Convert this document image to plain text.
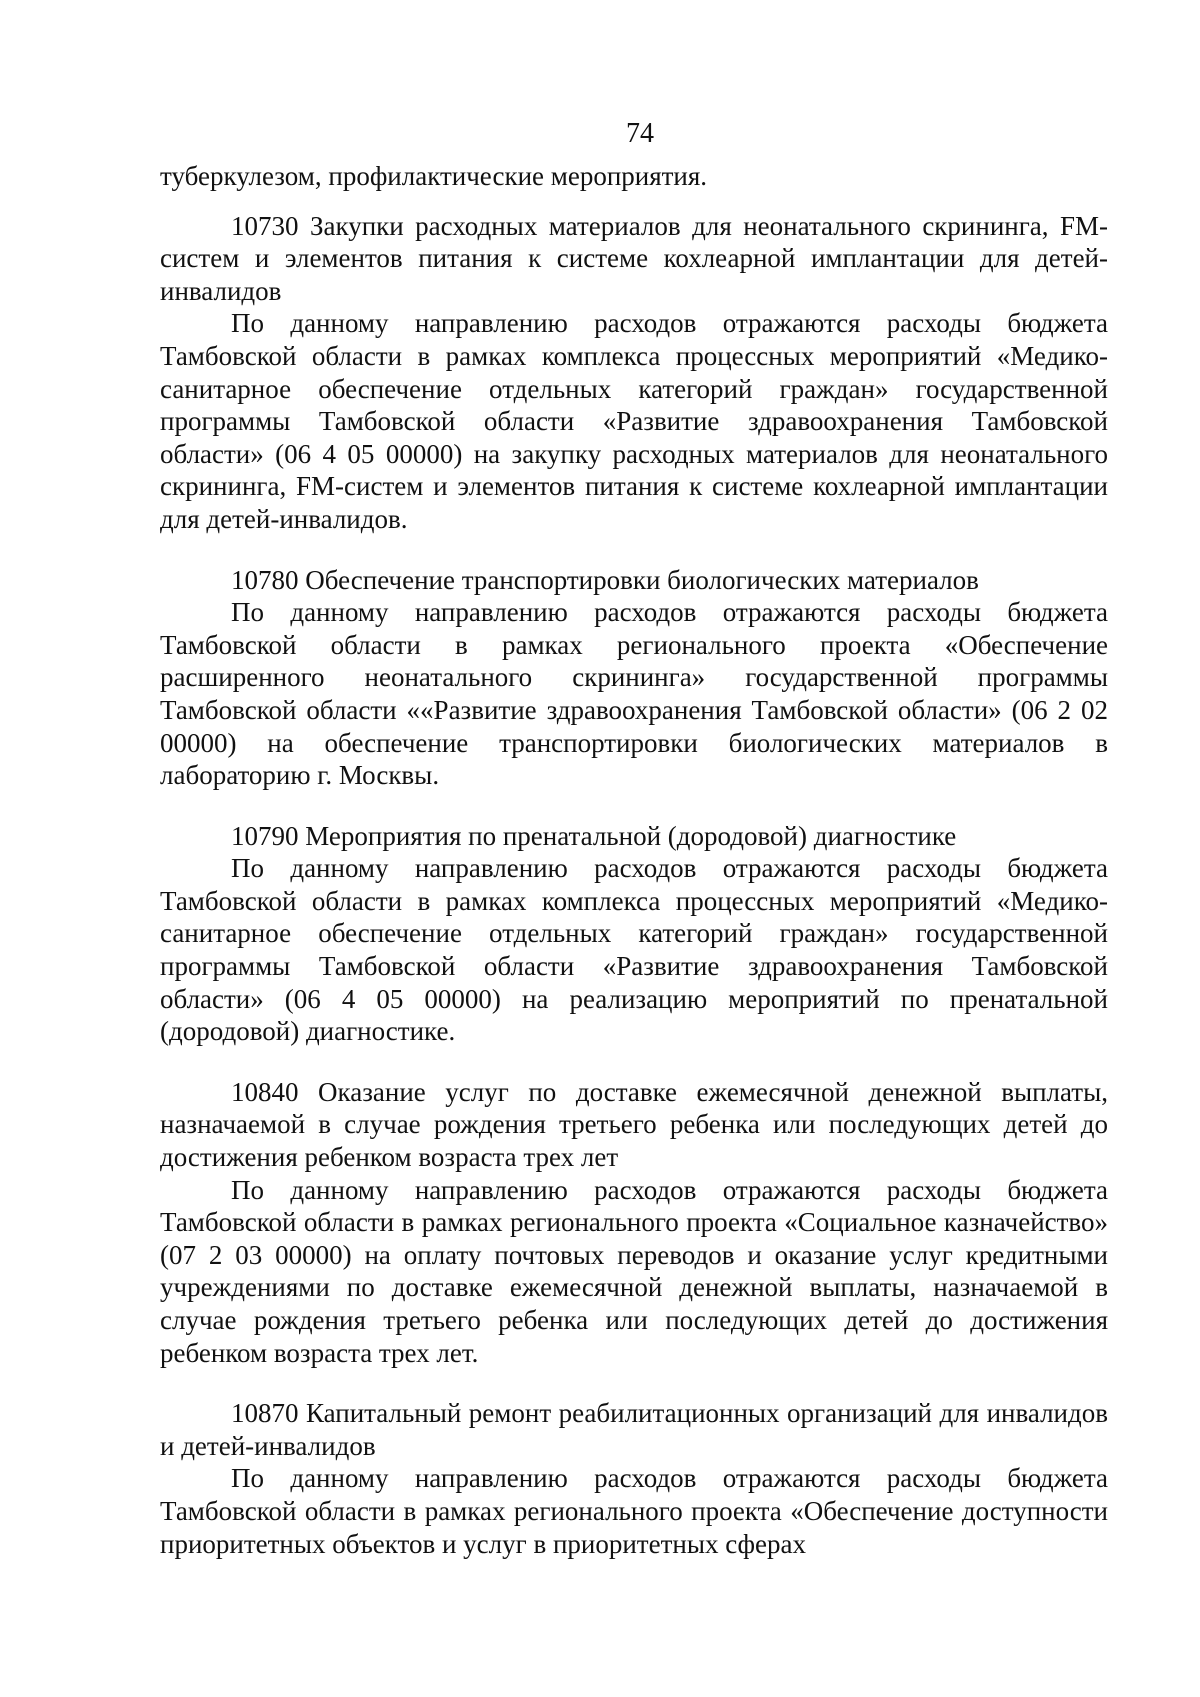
74

туберкулезом, профилактические мероприятия.

10730 Закупки расходных материалов для неонатального скрининга, FM-систем и элементов питания к системе кохлеарной имплантации для детей-инвалидов

По данному направлению расходов отражаются расходы бюджета Тамбовской области в рамках комплекса процессных мероприятий «Медико-санитарное обеспечение отдельных категорий граждан» государственной программы Тамбовской области «Развитие здравоохранения Тамбовской области» (06 4 05 00000) на закупку расходных материалов для неонатального скрининга, FM-систем и элементов питания к системе кохлеарной имплантации для детей-инвалидов.

10780 Обеспечение транспортировки биологических материалов

По данному направлению расходов отражаются расходы бюджета Тамбовской области в рамках регионального проекта «Обеспечение расширенного неонатального скрининга» государственной программы Тамбовской области ««Развитие здравоохранения Тамбовской области» (06 2 02 00000) на обеспечение транспортировки биологических материалов в лабораторию г. Москвы.

10790 Мероприятия по пренатальной (дородовой) диагностике

По данному направлению расходов отражаются расходы бюджета Тамбовской области в рамках комплекса процессных мероприятий «Медико-санитарное обеспечение отдельных категорий граждан» государственной программы Тамбовской области «Развитие здравоохранения Тамбовской области» (06 4 05 00000) на реализацию мероприятий по пренатальной (дородовой) диагностике.

10840 Оказание услуг по доставке ежемесячной денежной выплаты, назначаемой в случае рождения третьего ребенка или последующих детей до достижения ребенком возраста трех лет

По данному направлению расходов отражаются расходы бюджета Тамбовской области в рамках регионального проекта «Социальное казначейство» (07 2 03 00000) на оплату почтовых переводов и оказание услуг кредитными учреждениями по доставке ежемесячной денежной выплаты, назначаемой в случае рождения третьего ребенка или последующих детей до достижения ребенком возраста трех лет.

10870 Капитальный ремонт реабилитационных организаций для инвалидов и детей-инвалидов

По данному направлению расходов отражаются расходы бюджета Тамбовской области в рамках регионального проекта «Обеспечение доступности приоритетных объектов и услуг в приоритетных сферах
